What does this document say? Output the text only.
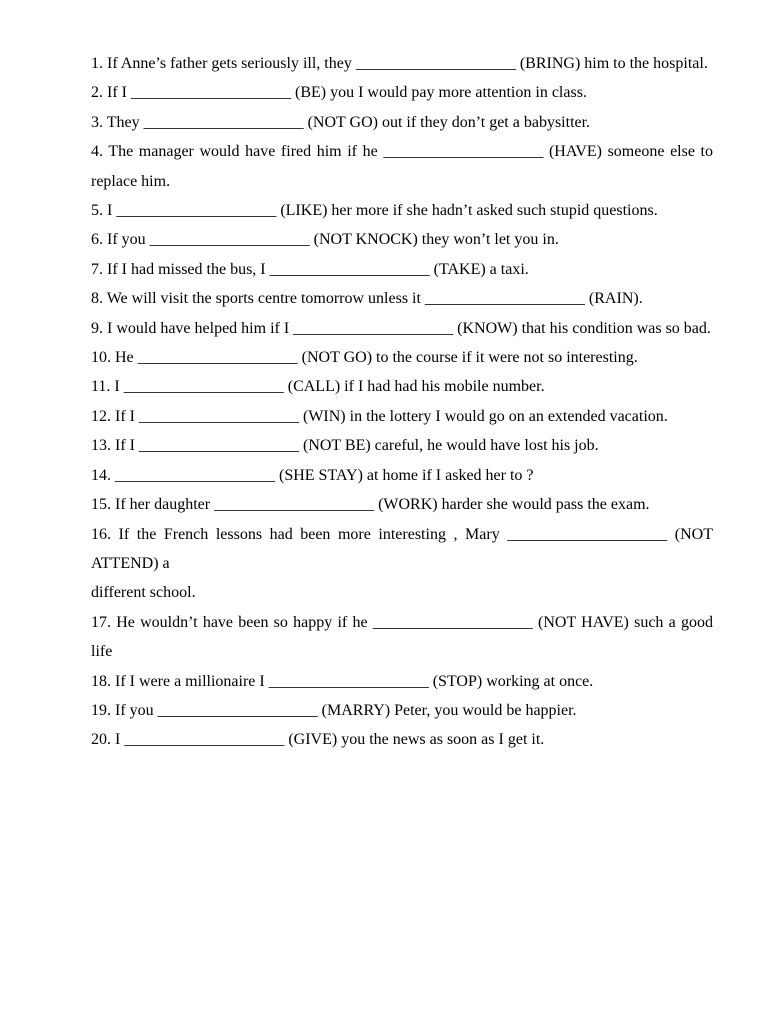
1. If Anne’s father gets seriously ill, they ____________________ (BRING) him to the hospital.

2. If I ____________________ (BE) you I would pay more attention in class.

3. They ____________________ (NOT GO) out if they don’t get a babysitter.

4. The manager would have fired him if he ____________________ (HAVE) someone else to replace him.

5. I ____________________ (LIKE) her more if she hadn’t asked such stupid questions.

6. If you ____________________ (NOT KNOCK) they won’t let you in.

7. If I had missed the bus, I ____________________ (TAKE) a taxi.

8. We will visit the sports centre tomorrow unless it ____________________ (RAIN).

9. I would have helped him if I ____________________ (KNOW) that his condition was so bad.

10. He ____________________ (NOT GO) to the course if it were not so interesting.

11. I ____________________ (CALL) if I had had his mobile number.

12. If I ____________________ (WIN) in the lottery I would go on an extended vacation.

13. If I ____________________ (NOT BE) careful, he would have lost his job.

14. ____________________ (SHE STAY) at home if I asked her to ?

15. If her daughter ____________________ (WORK) harder she would pass the exam.

16. If the French lessons had been more interesting , Mary ____________________ (NOT ATTEND) a

different school.

17. He wouldn’t have been so happy if he ____________________ (NOT HAVE) such a good life

18. If I were a millionaire I ____________________ (STOP) working at once.

19. If you ____________________ (MARRY) Peter, you would be happier.

20. I ____________________ (GIVE) you the news as soon as I get it.
